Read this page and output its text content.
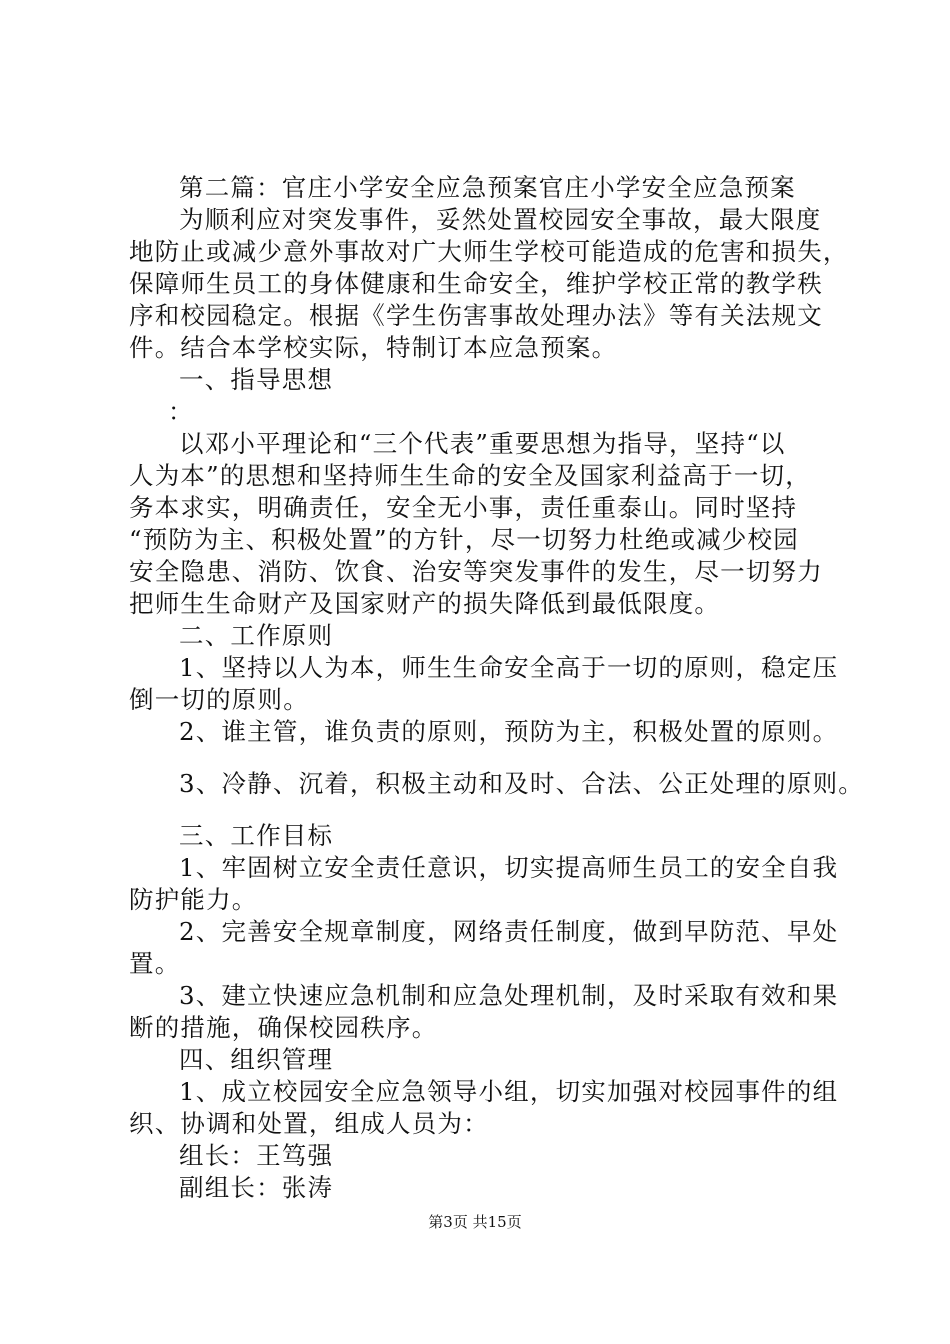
第二篇：官庄小学安全应急预案官庄小学安全应急预案
为顺利应对突发事件，妥然处置校园安全事故，最大限度
地防止或减少意外事故对广大师生学校可能造成的危害和损失，
保障师生员工的身体健康和生命安全，维护学校正常的教学秩
序和校园稳定。根据《学生伤害事故处理办法》等有关法规文
件。结合本学校实际，特制订本应急预案。
一、指导思想
：
以邓小平理论和“三个代表”重要思想为指导，坚持“以
人为本”的思想和坚持师生生命的安全及国家利益高于一切，
务本求实，明确责任，安全无小事，责任重泰山。同时坚持
“预防为主、积极处置”的方针，尽一切努力杜绝或减少校园
安全隐患、消防、饮食、治安等突发事件的发生，尽一切努力
把师生生命财产及国家财产的损失降低到最低限度。
二、工作原则
1、坚持以人为本，师生生命安全高于一切的原则，稳定压
倒一切的原则。
2、谁主管，谁负责的原则，预防为主，积极处置的原则。
3、冷静、沉着，积极主动和及时、合法、公正处理的原则。
三、工作目标
1、牢固树立安全责任意识，切实提高师生员工的安全自我
防护能力。
2、完善安全规章制度，网络责任制度，做到早防范、早处
置。
3、建立快速应急机制和应急处理机制，及时采取有效和果
断的措施，确保校园秩序。
四、组织管理
1、成立校园安全应急领导小组，切实加强对校园事件的组
织、协调和处置，组成人员为：
组长：王笃强
副组长：张涛
第3页 共15页
